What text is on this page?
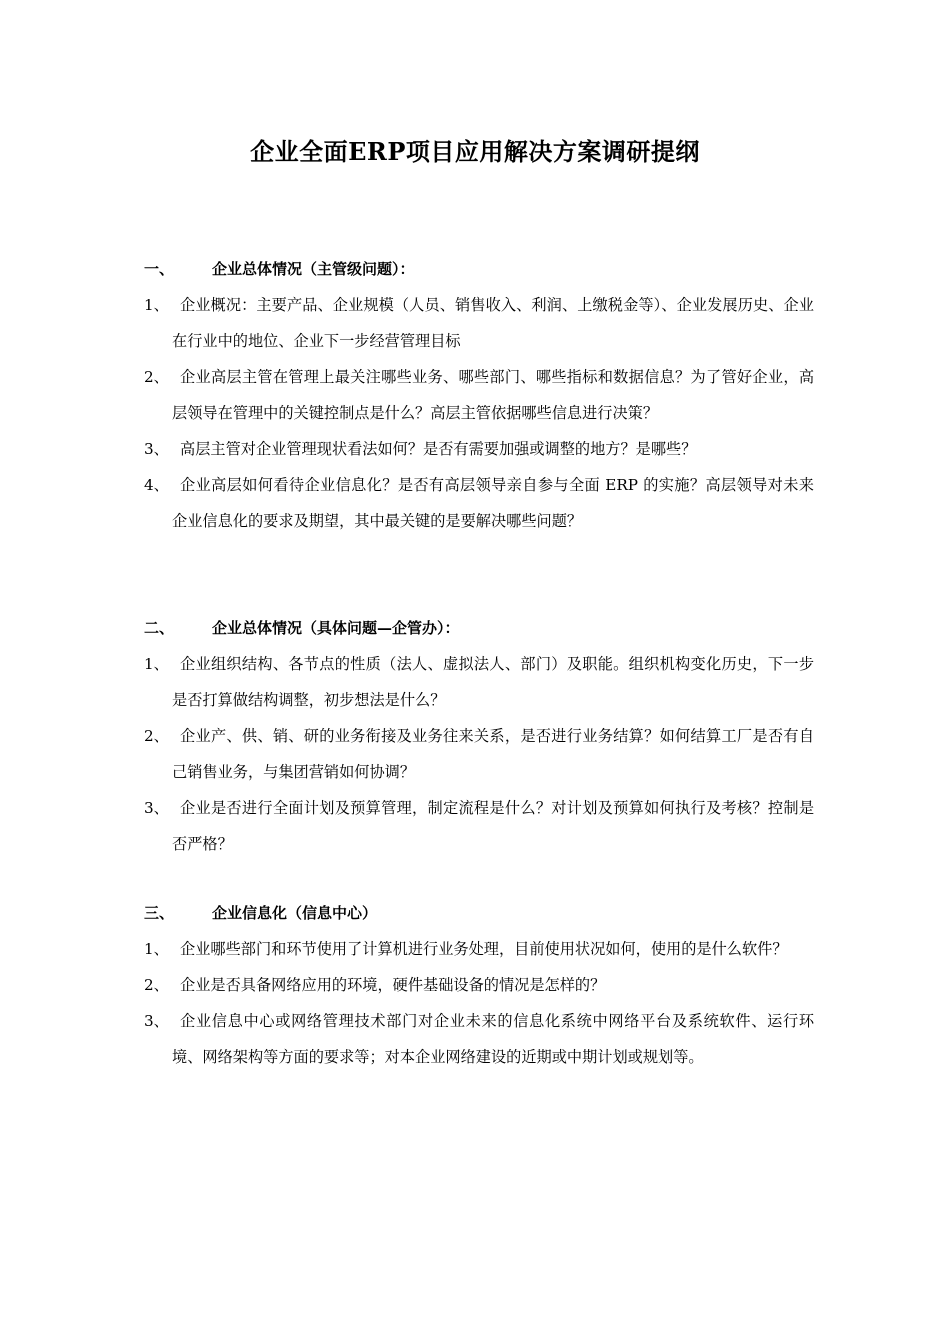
企业全面ERP项目应用解决方案调研提纲
一、	企业总体情况（主管级问题）：
1、 企业概况：主要产品、企业规模（人员、销售收入、利润、上缴税金等）、企业发展历史、企业在行业中的地位、企业下一步经营管理目标
2、 企业高层主管在管理上最关注哪些业务、哪些部门、哪些指标和数据信息？为了管好企业，高层领导在管理中的关键控制点是什么？高层主管依据哪些信息进行决策？
3、 高层主管对企业管理现状看法如何？是否有需要加强或调整的地方？是哪些？
4、 企业高层如何看待企业信息化？是否有高层领导亲自参与全面 ERP 的实施？高层领导对未来企业信息化的要求及期望，其中最关键的是要解决哪些问题？
二、	企业总体情况（具体问题—企管办）：
1、 企业组织结构、各节点的性质（法人、虚拟法人、部门）及职能。组织机构变化历史，下一步是否打算做结构调整，初步想法是什么？
2、 企业产、供、销、研的业务衔接及业务往来关系，是否进行业务结算？如何结算工厂是否有自己销售业务，与集团营销如何协调？
3、 企业是否进行全面计划及预算管理，制定流程是什么？对计划及预算如何执行及考核？控制是否严格？
三、	企业信息化（信息中心）
1、 企业哪些部门和环节使用了计算机进行业务处理，目前使用状况如何，使用的是什么软件？
2、 企业是否具备网络应用的环境，硬件基础设备的情况是怎样的？
3、 企业信息中心或网络管理技术部门对企业未来的信息化系统中网络平台及系统软件、运行环境、网络架构等方面的要求等；对本企业网络建设的近期或中期计划或规划等。
